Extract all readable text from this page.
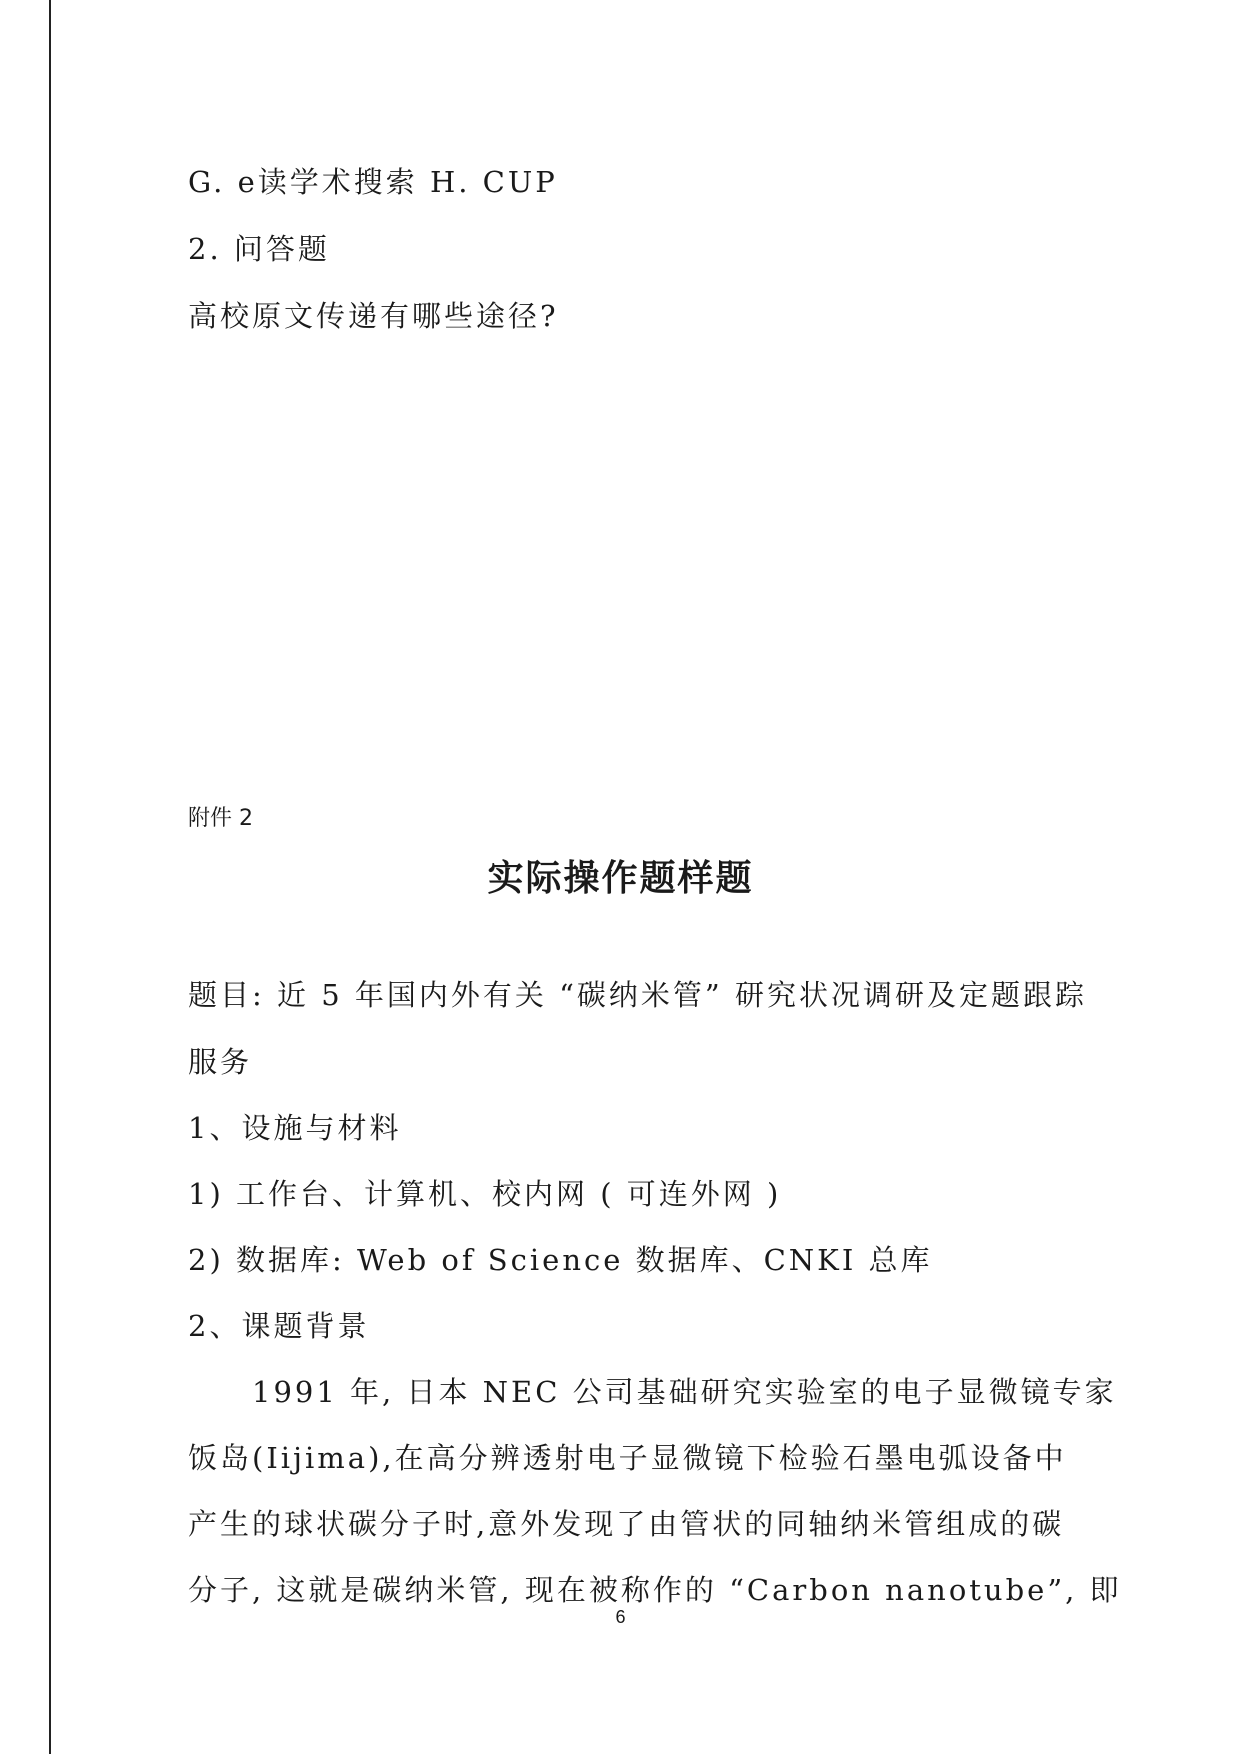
G. e读学术搜索 H. CUP
2. 问答题
高校原文传递有哪些途径?
附件 2
实际操作题样题
题目: 近 5 年国内外有关 “碳纳米管” 研究状况调研及定题跟踪
服务
1、设施与材料
1) 工作台、计算机、校内网 ( 可连外网 )
2) 数据库: Web of Science 数据库、CNKI 总库
2、课题背景
1991 年, 日本 NEC 公司基础研究实验室的电子显微镜专家
饭岛(Iijima),在高分辨透射电子显微镜下检验石墨电弧设备中
产生的球状碳分子时,意外发现了由管状的同轴纳米管组成的碳
分子, 这就是碳纳米管, 现在被称作的 “Carbon nanotube”, 即
6
